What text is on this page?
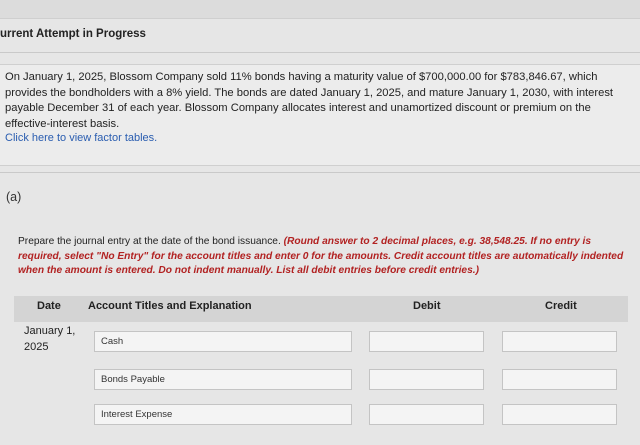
urrent Attempt in Progress
On January 1, 2025, Blossom Company sold 11% bonds having a maturity value of $700,000.00 for $783,846.67, which provides the bondholders with a 8% yield. The bonds are dated January 1, 2025, and mature January 1, 2030, with interest payable December 31 of each year. Blossom Company allocates interest and unamortized discount or premium on the effective-interest basis.
Click here to view factor tables.
(a)
Prepare the journal entry at the date of the bond issuance. (Round answer to 2 decimal places, e.g. 38,548.25. If no entry is required, select "No Entry" for the account titles and enter 0 for the amounts. Credit account titles are automatically indented when the amount is entered. Do not indent manually. List all debit entries before credit entries.)
Date Account Titles and Explanation	Debit	Credit
January 1,
2025	Cash
Bonds Payable
Interest Expense
